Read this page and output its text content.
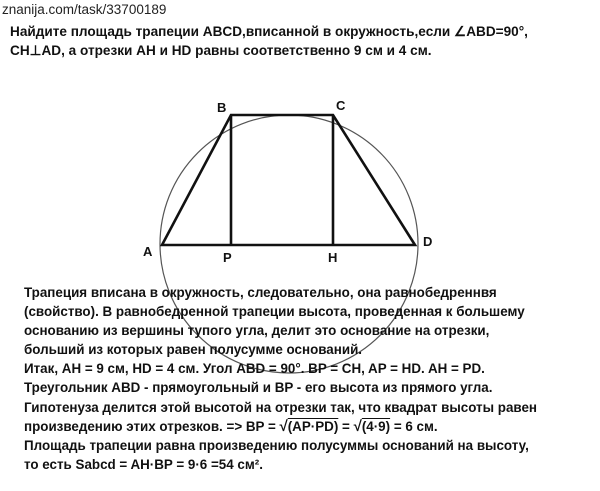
znanija.com/task/33700189
Найдите площадь трапеции ABCD,вписанной в окружность,если ∠ABD=90°,
CH⊥AD, а отрезки AH и HD равны соответственно 9 см и 4 см.
A
B	C
D
P	H
Трапеция вписана в окружность, следовательно, она равнобедреннвя
(свойство). В равнобедренной трапеции высота, проведенная к большему
основанию из вершины тупого угла, делит это основание на отрезки,
больший из которых равен полусумме оснований.
Итак, AH = 9 см, HD = 4 см. Угол ABD = 90°. BP = CH, AP = HD. AH = PD.
Треугольник ABD - прямоугольный и BP - его высота из прямого угла.
Гипотенуза делится этой высотой на отрезки так, что квадрат высоты равен
произведению этих отрезков. => BP = √(AP·PD) = √(4·9) = 6 см.
Площадь трапеции равна произведению полусуммы оснований на высоту,
то есть Sabcd = AH·BP = 9·6 =54 см².
